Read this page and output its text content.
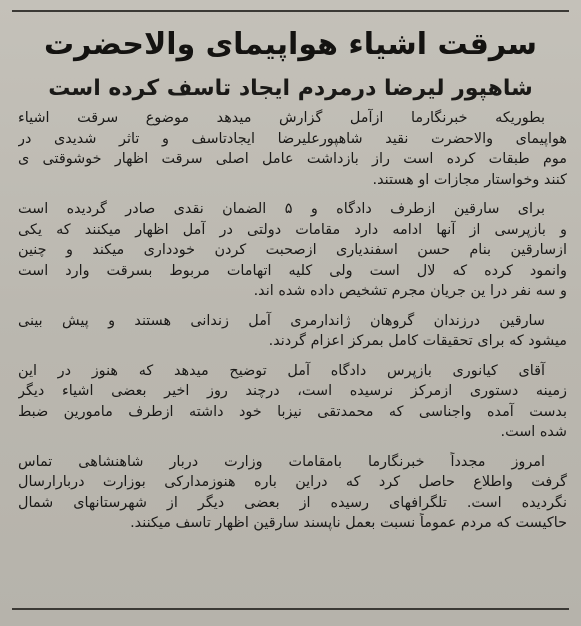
سرقت اشیاء هواپیمای والاحضرت
شاهپور لیرضا درمردم ایجاد تاسف کرده است
بطوریکه خبرنگارما ازآمل گزارش میدهد موضوع سرقت اشیاء
هواپیمای والاحضرت نقید شاهپورعلیرضا ایجادتاسف و تاثر شدیدی در
موم طبقات کرده است راز بازداشت عامل اصلی سرقت اظهار خوشوقتی ی
کنند وخواستار مجازات او هستند.
برای سارقین ازطرف دادگاه و ۵ الضمان نقدی صادر گردیده است
و بازپرسی از آنها ادامه دارد مقامات دولتی در آمل اظهار میکنند که یکی
ازسارقین بنام حسن اسفندیاری ازصحبت کردن خودداری میکند و چنین
وانمود کرده که لال است ولی کلیه اتهامات مربوط بسرقت وارد است
و سه نفر درا ین جریان مجرم تشخیص داده شده اند.
سارقین درزندان گروهان ژاندارمری آمل زندانی هستند و پیش بینی
میشود که برای تحقیقات کامل بمرکز اعزام گردند.
آقای کیانوری بازپرس دادگاه آمل توضیح میدهد که هنوز در این
زمینه دستوری ازمرکز نرسیده است، درچند روز اخیر بعضی اشیاء دیگر
بدست آمده واجناسی که محمدتقی نیزبا خود داشته ازطرف مامورین ضبط
شده است.
امروز مجدداً خبرنگارما بامقامات وزارت دربار شاهنشاهی تماس
گرفت واطلاع حاصل کرد که دراین باره هنوزمدارکی بوزارت دربارارسال
نگردیده است. تلگرافهای رسیده از بعضی دیگر از شهرستانهای شمال
حاکیست که مردم عموماً نسبت بعمل ناپسند سارقین اظهار تاسف میکنند.
